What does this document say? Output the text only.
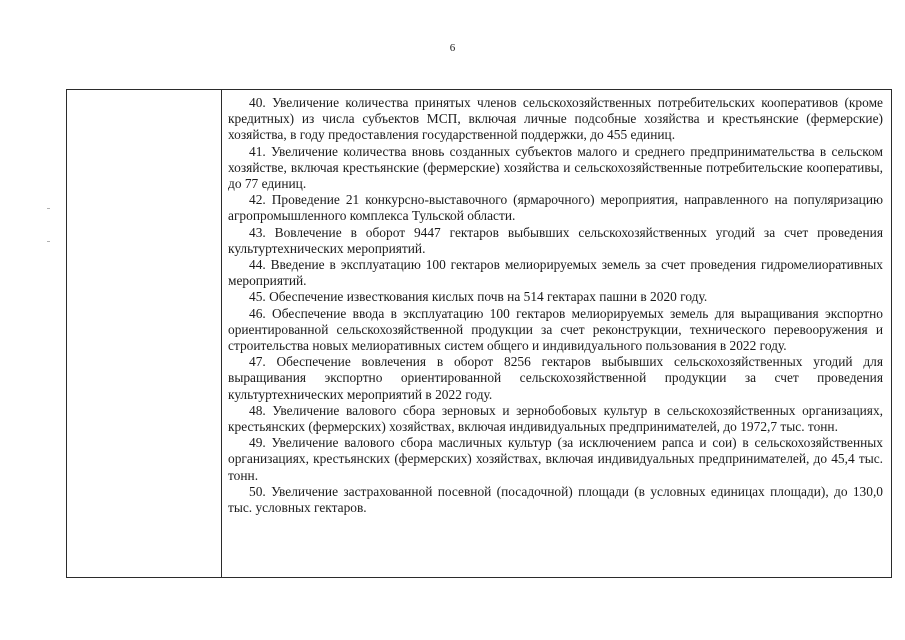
6

40. Увеличение количества принятых членов сельскохозяйственных потребительских кооперативов (кроме кредитных) из числа субъектов МСП, включая личные подсобные хозяйства и крестьянские (фермерские) хозяйства, в году предоставления государственной поддержки, до 455 единиц.

41. Увеличение количества вновь созданных субъектов малого и среднего предпринимательства в сельском хозяйстве, включая крестьянские (фермерские) хозяйства и сельскохозяйственные потребительские кооперативы, до 77 единиц.

42. Проведение 21 конкурсно-выставочного (ярмарочного) мероприятия, направленного на популяризацию агропромышленного комплекса Тульской области.

43. Вовлечение в оборот 9447 гектаров выбывших сельскохозяйственных угодий за счет проведения культуртехнических мероприятий.

44. Введение в эксплуатацию 100 гектаров мелиорируемых земель за счет проведения гидромелиоративных мероприятий.

45. Обеспечение известкования кислых почв на 514 гектарах пашни в 2020 году.

46. Обеспечение ввода в эксплуатацию 100 гектаров мелиорируемых земель для выращивания экспортно ориентированной сельскохозяйственной продукции за счет реконструкции, технического перевооружения и строительства новых мелиоративных систем общего и индивидуального пользования в 2022 году.

47. Обеспечение вовлечения в оборот 8256 гектаров выбывших сельскохозяйственных угодий для выращивания экспортно ориентированной сельскохозяйственной продукции за счет проведения культуртехнических мероприятий в 2022 году.

48. Увеличение валового сбора зерновых и зернобобовых культур в сельскохозяйственных организациях, крестьянских (фермерских) хозяйствах, включая индивидуальных предпринимателей, до 1972,7 тыс. тонн.

49. Увеличение валового сбора масличных культур (за исключением рапса и сои) в сельскохозяйственных организациях, крестьянских (фермерских) хозяйствах, включая индивидуальных предпринимателей, до 45,4 тыс. тонн.

50. Увеличение застрахованной посевной (посадочной) площади (в условных единицах площади), до 130,0 тыс. условных гектаров.
